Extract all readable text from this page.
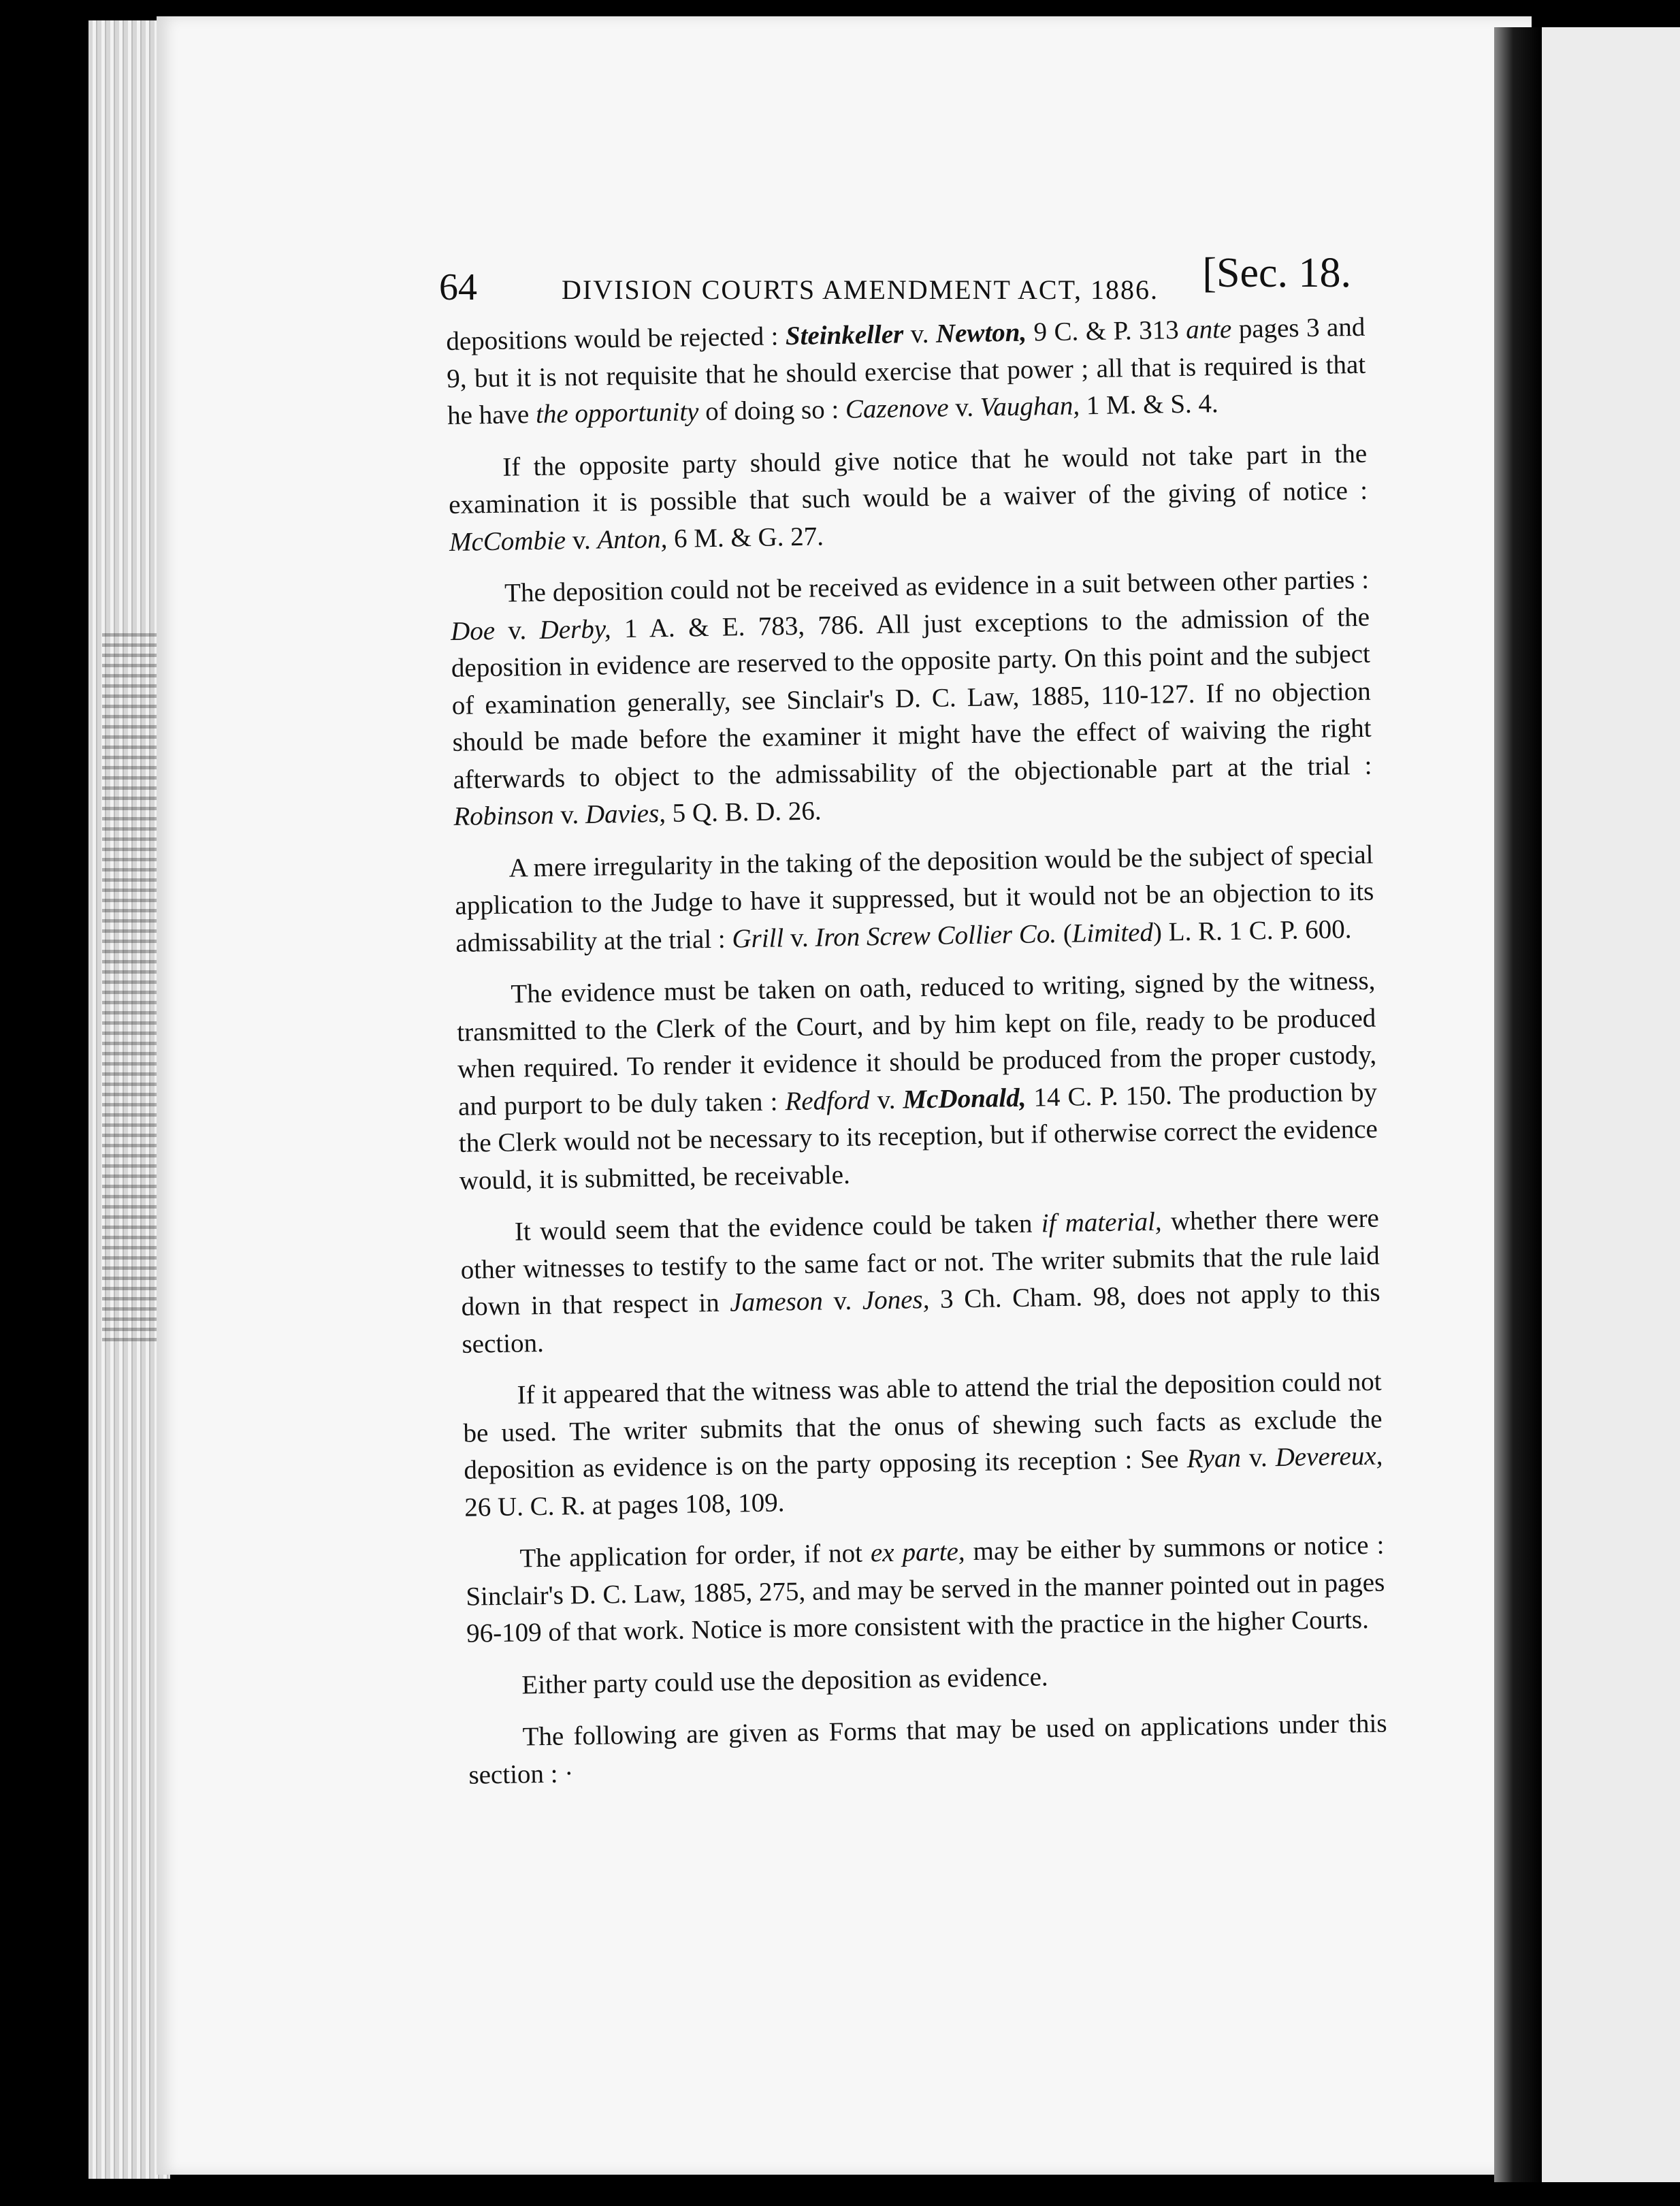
64	DIVISION COURTS AMENDMENT ACT, 1886. [Sec. 18.

depositions would be rejected : Steinkeller v. Newton, 9 C. & P. 313 ante pages 3 and 9, but it is not requisite that he should exercise that power ; all that is required is that he have the opportunity of doing so : Cazenove v. Vaughan, 1 M. & S. 4.

If the opposite party should give notice that he would not take part in the examination it is possible that such would be a waiver of the giving of notice : McCombie v. Anton, 6 M. & G. 27.

The deposition could not be received as evidence in a suit between other parties : Doe v. Derby, 1 A. & E. 783, 786. All just exceptions to the admission of the deposition in evidence are reserved to the opposite party. On this point and the subject of examination generally, see Sinclair's D. C. Law, 1885, 110-127. If no objection should be made before the examiner it might have the effect of waiving the right afterwards to object to the admissability of the objectionable part at the trial : Robinson v. Davies, 5 Q. B. D. 26.

A mere irregularity in the taking of the deposition would be the subject of special application to the Judge to have it suppressed, but it would not be an objection to its admissability at the trial : Grill v. Iron Screw Collier Co. (Limited) L. R. 1 C. P. 600.

The evidence must be taken on oath, reduced to writing, signed by the witness, transmitted to the Clerk of the Court, and by him kept on file, ready to be produced when required. To render it evidence it should be produced from the proper custody, and purport to be duly taken : Redford v. McDonald, 14 C. P. 150. The production by the Clerk would not be necessary to its reception, but if otherwise correct the evidence would, it is submitted, be receivable.

It would seem that the evidence could be taken if material, whether there were other witnesses to testify to the same fact or not. The writer submits that the rule laid down in that respect in Jameson v. Jones, 3 Ch. Cham. 98, does not apply to this section.

If it appeared that the witness was able to attend the trial the deposition could not be used. The writer submits that the onus of shewing such facts as exclude the deposition as evidence is on the party opposing its reception : See Ryan v. Devereux, 26 U. C. R. at pages 108, 109.

The application for order, if not ex parte, may be either by summons or notice : Sinclair's D. C. Law, 1885, 275, and may be served in the manner pointed out in pages 96-109 of that work. Notice is more consistent with the practice in the higher Courts.

Either party could use the deposition as evidence.

The following are given as Forms that may be used on applications under this section : ·
